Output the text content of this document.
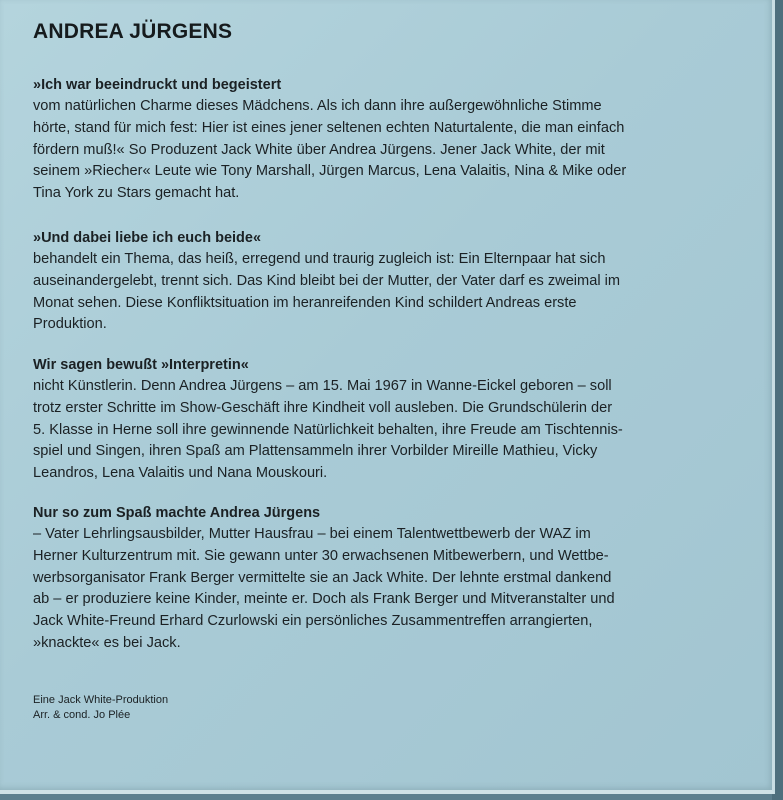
ANDREA JÜRGENS
»Ich war beeindruckt und begeistert
vom natürlichen Charme dieses Mädchens. Als ich dann ihre außergewöhnliche Stimme
hörte, stand für mich fest: Hier ist eines jener seltenen echten Naturtalente, die man einfach
fördern muß!« So Produzent Jack White über Andrea Jürgens. Jener Jack White, der mit
seinem »Riecher« Leute wie Tony Marshall, Jürgen Marcus, Lena Valaitis, Nina & Mike oder
Tina York zu Stars gemacht hat.
»Und dabei liebe ich euch beide«
behandelt ein Thema, das heiß, erregend und traurig zugleich ist: Ein Elternpaar hat sich
auseinandergelebt, trennt sich. Das Kind bleibt bei der Mutter, der Vater darf es zweimal im
Monat sehen. Diese Konfliktsituation im heranreifenden Kind schildert Andreas erste
Produktion.
Wir sagen bewußt »Interpretin«
nicht Künstlerin. Denn Andrea Jürgens – am 15. Mai 1967 in Wanne-Eickel geboren – soll
trotz erster Schritte im Show-Geschäft ihre Kindheit voll ausleben. Die Grundschülerin der
5. Klasse in Herne soll ihre gewinnende Natürlichkeit behalten, ihre Freude am Tischtennis-
spiel und Singen, ihren Spaß am Plattensammeln ihrer Vorbilder Mireille Mathieu, Vicky
Leandros, Lena Valaitis und Nana Mouskouri.
Nur so zum Spaß machte Andrea Jürgens
– Vater Lehrlingsausbilder, Mutter Hausfrau – bei einem Talentwettbewerb der WAZ im
Herner Kulturzentrum mit. Sie gewann unter 30 erwachsenen Mitbewerbern, und Wettbe-
werbsorganisator Frank Berger vermittelte sie an Jack White. Der lehnte erstmal dankend
ab – er produziere keine Kinder, meinte er. Doch als Frank Berger und Mitveranstalter und
Jack White-Freund Erhard Czurlowski ein persönliches Zusammentreffen arrangierten,
»knackte« es bei Jack.
Eine Jack White-Produktion
Arr. & cond. Jo Plée
